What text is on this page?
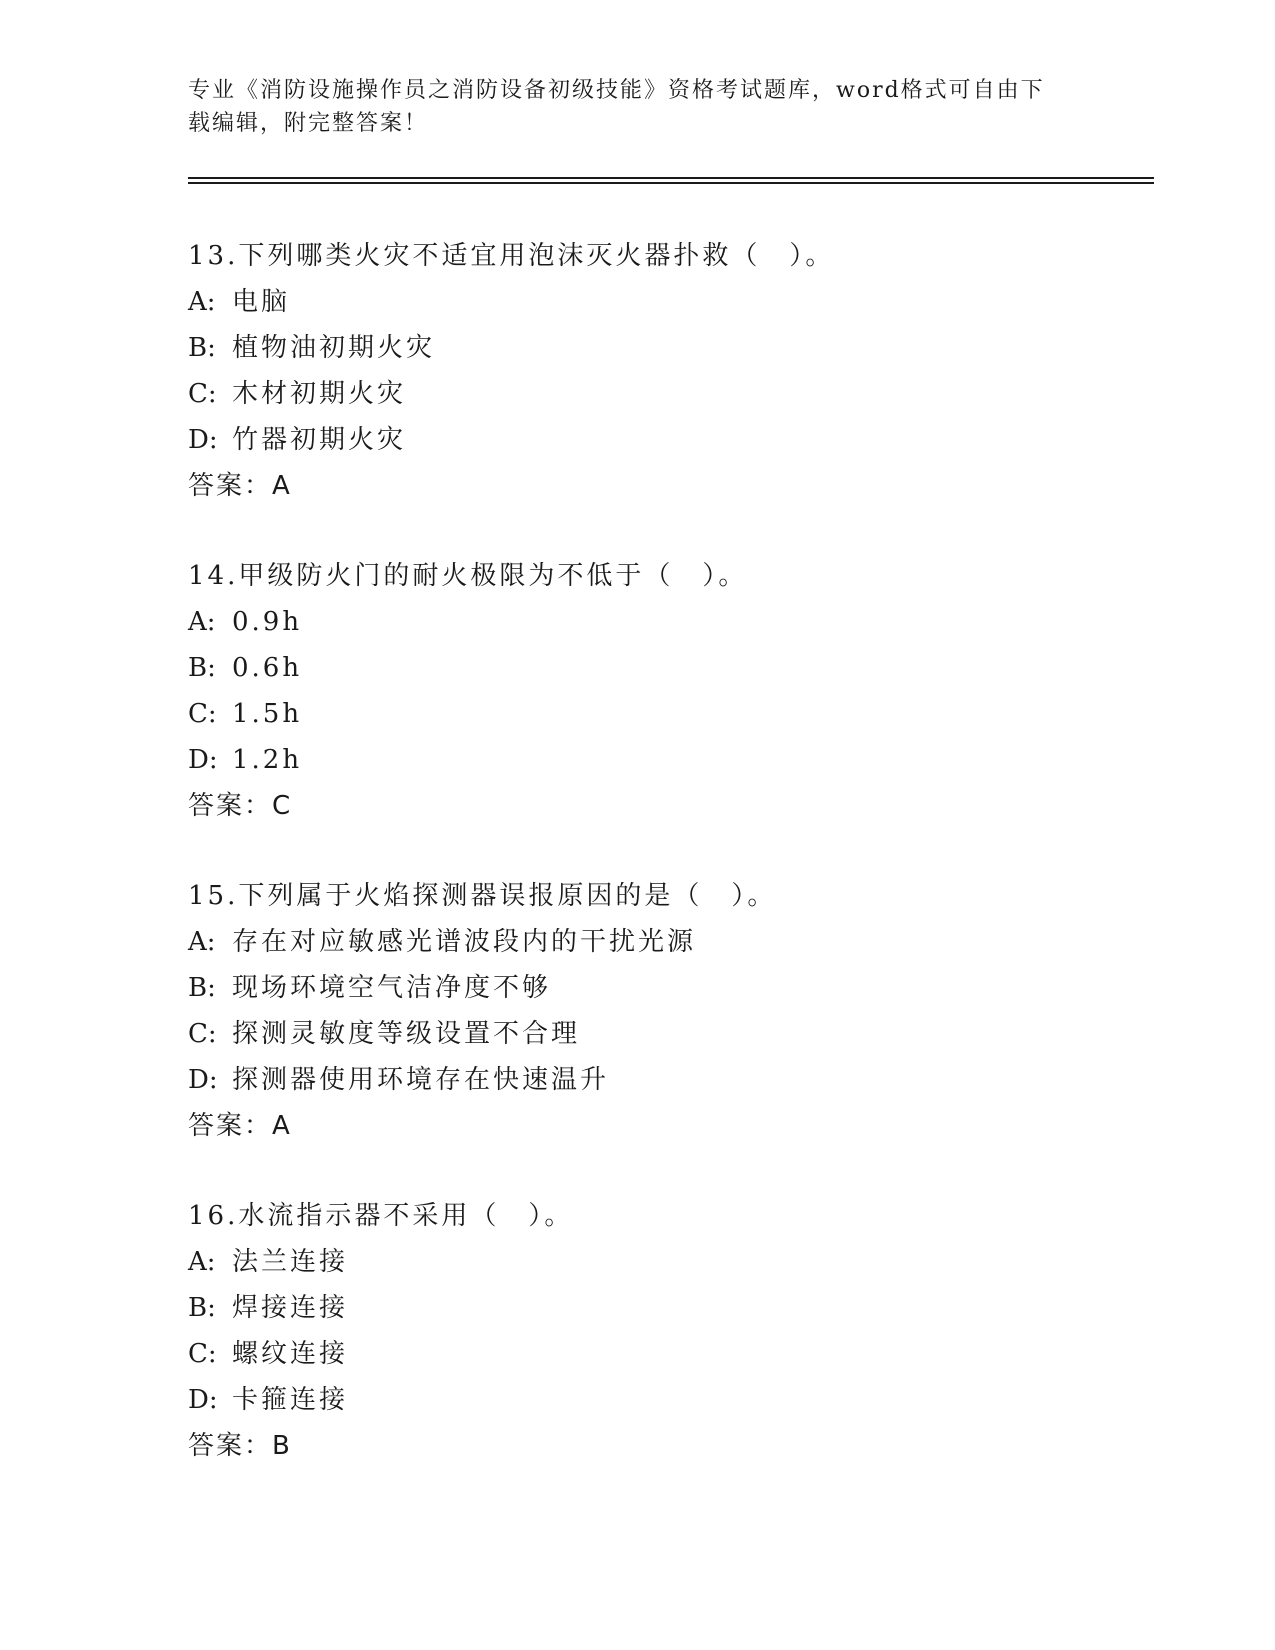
专业《消防设施操作员之消防设备初级技能》资格考试题库，word格式可自由下
载编辑，附完整答案！
13.下列哪类火灾不适宜用泡沫灭火器扑救（　）。
A: 电脑
B: 植物油初期火灾
C: 木材初期火灾
D: 竹器初期火灾
答案：A
14.甲级防火门的耐火极限为不低于（　）。
A: 0.9h
B: 0.6h
C: 1.5h
D: 1.2h
答案：C
15.下列属于火焰探测器误报原因的是（　）。
A: 存在对应敏感光谱波段内的干扰光源
B: 现场环境空气洁净度不够
C: 探测灵敏度等级设置不合理
D: 探测器使用环境存在快速温升
答案：A
16.水流指示器不采用（　）。
A: 法兰连接
B: 焊接连接
C: 螺纹连接
D: 卡箍连接
答案：B
